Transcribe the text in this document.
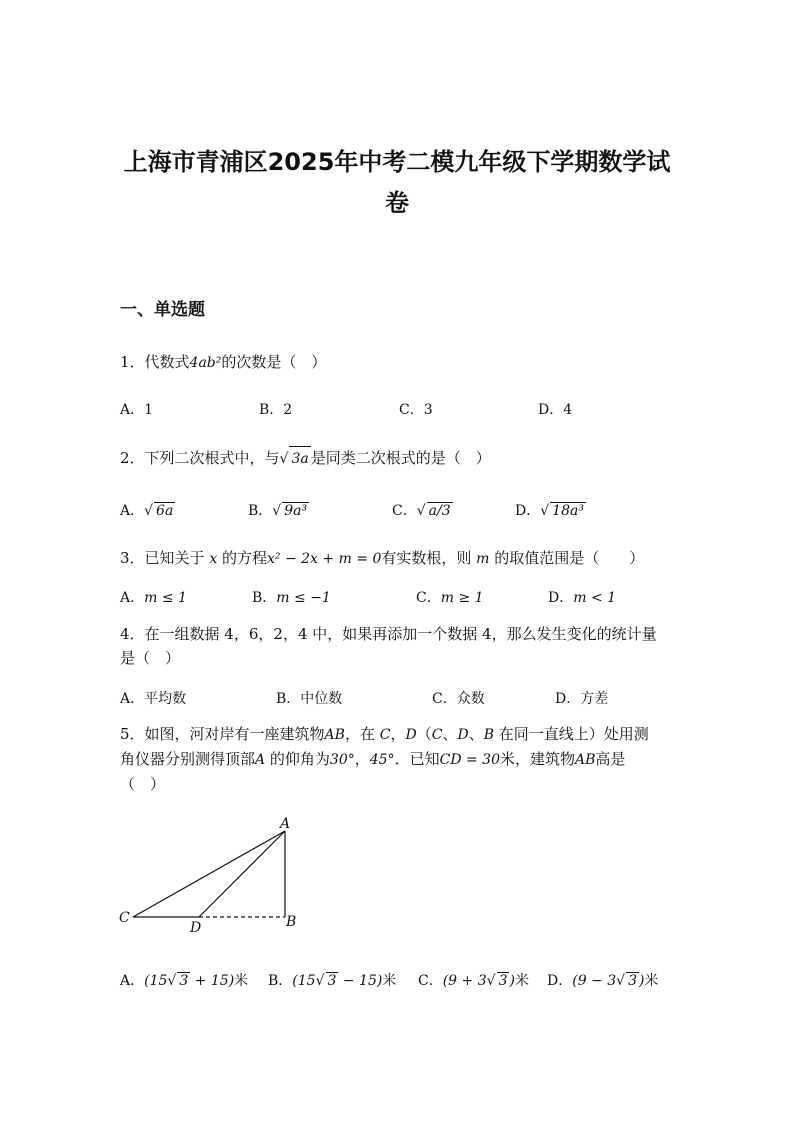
上海市青浦区2025年中考二模九年级下学期数学试
卷
一、单选题
1．代数式4ab²的次数是（　）
A．1	B．2	C．3	D．4
2．下列二次根式中，与√ 3a 是同类二次根式的是（　）
A．√ 6a	B．√ 9a³	C．√ a/3	D．√ 18a³
3．已知关于 x 的方程x² − 2x + m = 0有实数根，则 m 的取值范围是（　　）
A．m ≤ 1	B．m ≤ −1	C．m ≥ 1	D．m < 1
4．在一组数据 4，6，2，4 中，如果再添加一个数据 4，那么发生变化的统计量
是（　）
A．平均数	B．中位数	C．众数	D．方差
5．如图，河对岸有一座建筑物AB，在 C，D（C、D、B 在同一直线上）处用测
角仪器分别测得顶部A 的仰角为30°，45°．已知CD = 30米，建筑物AB高是
（　）
A
B
C
D
A．(15√ 3 + 15)米 B．(15√ 3 − 15)米 C．(9 + 3√ 3 )米 D．(9 − 3√ 3 )米
